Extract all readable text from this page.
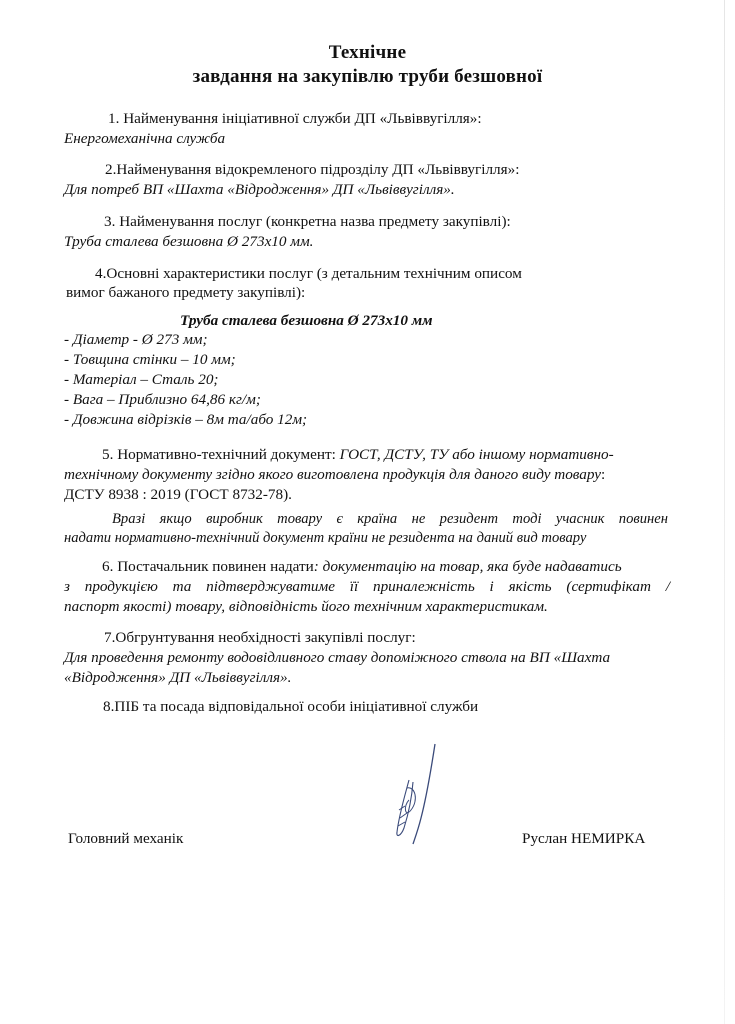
Технічне
завдання на закупівлю труби безшовної
1. Найменування ініціативної служби ДП «Львіввугілля»:
Енергомеханічна служба
2.Найменування відокремленого підрозділу ДП «Львіввугілля»:
Для потреб ВП «Шахта «Відродження» ДП «Львіввугілля».
3. Найменування послуг (конкретна назва предмету закупівлі):
Труба сталева безшовна Ø 273х10 мм.
4.Основні характеристики послуг (з детальним технічним описом
вимог бажаного предмету закупівлі):
Труба сталева безшовна Ø 273х10 мм
- Діаметр - Ø 273 мм;
- Товщина стінки – 10 мм;
- Матеріал – Сталь 20;
- Вага – Приблизно 64,86 кг/м;
- Довжина відрізків – 8м та/або 12м;
5. Нормативно-технічний документ: ГОСТ, ДСТУ, ТУ або іншому нормативно-
технічному документу згідно якого виготовлена продукція для даного виду товару:
ДСТУ 8938 : 2019 (ГОСТ 8732-78).
Вразі якщо виробник товару є країна не резидент тоді учасник повинен
надати нормативно-технічний документ країни не резидента на даний вид товару
6. Постачальник повинен надати: документацію на товар, яка буде надаватись
з продукцією та підтверджуватиме її приналежність і якість (сертифікат /
паспорт якості) товару, відповідність його технічним характеристикам.
7.Обгрунтування необхідності закупівлі послуг:
Для проведення ремонту водовідливного ставу допоміжного ствола на ВП «Шахта
«Відродження» ДП «Львіввугілля».
8.ПІБ та посада відповідальної особи ініціативної служби
Головний механік	Руслан НЕМИРКА
